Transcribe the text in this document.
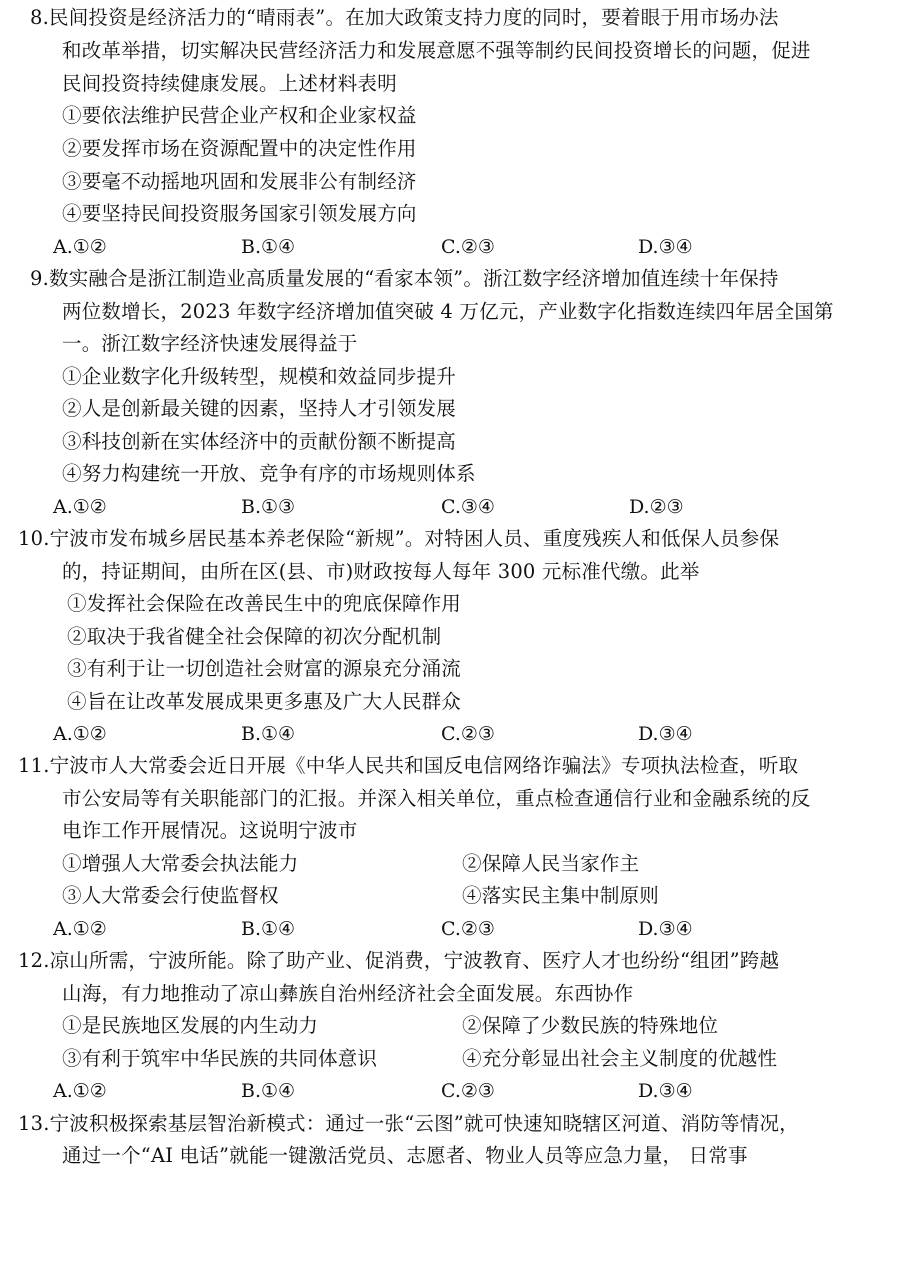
8.民间投资是经济活力的“晴雨表”。在加大政策支持力度的同时，要着眼于用市场办法
和改革举措，切实解决民营经济活力和发展意愿不强等制约民间投资增长的问题，促进
民间投资持续健康发展。上述材料表明
①要依法维护民营企业产权和企业家权益
②要发挥市场在资源配置中的决定性作用
③要毫不动摇地巩固和发展非公有制经济
④要坚持民间投资服务国家引领发展方向
A.①②	B.①④	C.②③	D.③④
9.数实融合是浙江制造业高质量发展的“看家本领”。浙江数字经济增加值连续十年保持
两位数增长，2023 年数字经济增加值突破 4 万亿元，产业数字化指数连续四年居全国第
一。浙江数字经济快速发展得益于
①企业数字化升级转型，规模和效益同步提升
②人是创新最关键的因素，坚持人才引领发展
③科技创新在实体经济中的贡献份额不断提高
④努力构建统一开放、竞争有序的市场规则体系
A.①②	B.①③	C.③④	D.②③
10.宁波市发布城乡居民基本养老保险“新规”。对特困人员、重度残疾人和低保人员参保
的，持证期间，由所在区(县、市)财政按每人每年 300 元标准代缴。此举
①发挥社会保险在改善民生中的兜底保障作用
②取决于我省健全社会保障的初次分配机制
③有利于让一切创造社会财富的源泉充分涌流
④旨在让改革发展成果更多惠及广大人民群众
A.①②	B.①④	C.②③	D.③④
11.宁波市人大常委会近日开展《中华人民共和国反电信网络诈骗法》专项执法检查，听取
市公安局等有关职能部门的汇报。并深入相关单位，重点检查通信行业和金融系统的反
电诈工作开展情况。这说明宁波市
①增强人大常委会执法能力	②保障人民当家作主
③人大常委会行使监督权	④落实民主集中制原则
A.①②	B.①④	C.②③	D.③④
12.凉山所需，宁波所能。除了助产业、促消费，宁波教育、医疗人才也纷纷“组团”跨越
山海，有力地推动了凉山彝族自治州经济社会全面发展。东西协作
①是民族地区发展的内生动力	②保障了少数民族的特殊地位
③有利于筑牢中华民族的共同体意识	④充分彰显出社会主义制度的优越性
A.①②	B.①④	C.②③	D.③④
13.宁波积极探索基层智治新模式：通过一张“云图”就可快速知晓辖区河道、消防等情况，
通过一个“AI 电话”就能一键激活党员、志愿者、物业人员等应急力量， 日常事
